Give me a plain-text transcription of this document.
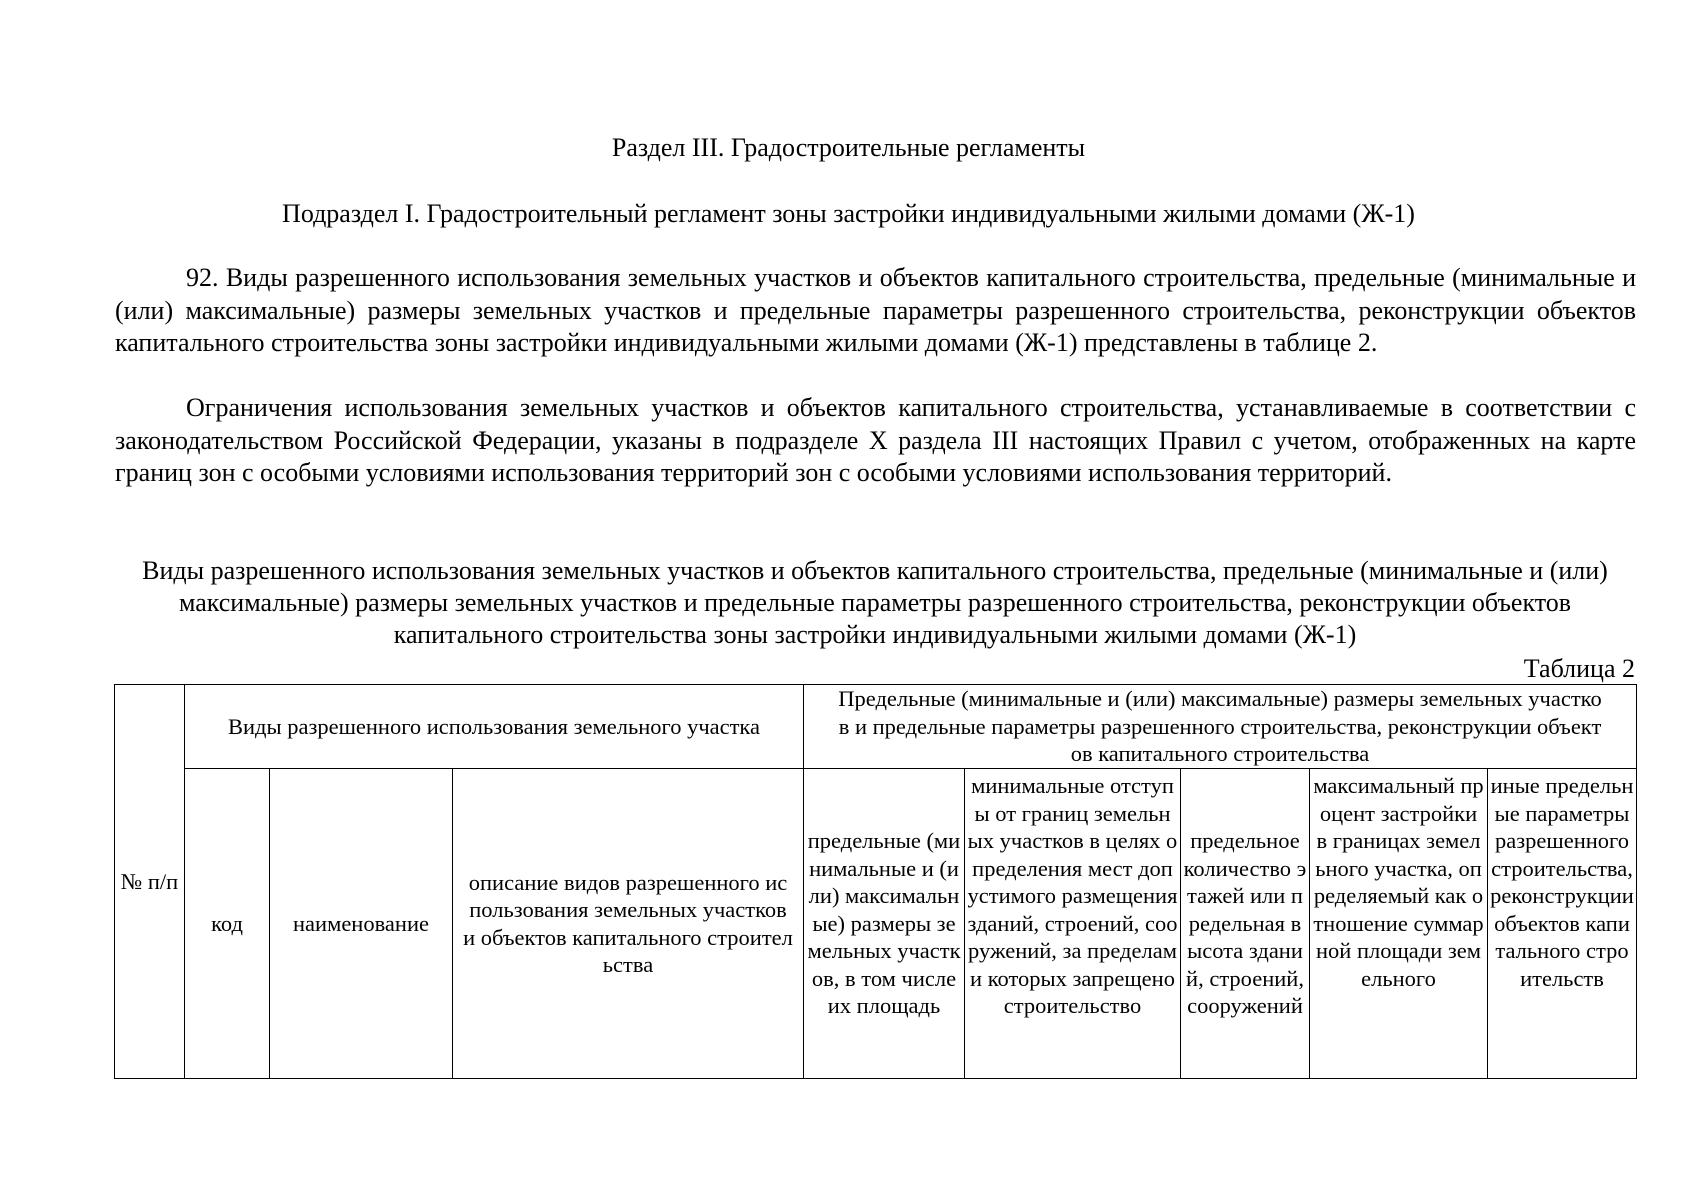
Раздел III. Градостроительные регламенты

Подраздел I. Градостроительный регламент зоны застройки индивидуальными жилыми домами (Ж-1)

92. Виды разрешенного использования земельных участков и объектов капитального строительства, предельные (минимальные и (или) максимальные) размеры земельных участков и предельные параметры разрешенного строительства, реконструкции объектов капитального строительства зоны застройки индивидуальными жилыми домами (Ж-1) представлены в таблице 2.

Ограничения использования земельных участков и объектов капитального строительства, устанавливаемые в соответствии с законодательством Российской Федерации, указаны в подразделе X раздела III настоящих Правил с учетом, отображенных на карте границ зон с особыми условиями использования территорий зон с особыми условиями использования территорий.

Виды разрешенного использования земельных участков и объектов капитального строительства, предельные (минимальные и (или) максимальные) размеры земельных участков и предельные параметры разрешенного строительства, реконструкции объектов капитального строительства зоны застройки индивидуальными жилыми домами (Ж-1)

Таблица 2
№ п/п	Виды разрешенного использования земельного участка			Предельные (минимальные и (или) максимальные) размеры земельных участков и предельные параметры разрешенного строительства, реконструкции объектов капитального строительства				
	код	наименование	описание видов разрешенного использования земельных участков и объектов капитального строительства	предельные (минимальные и (или) максимальные) размеры земельных участков, в том числе их площадь	минимальные отступы от границ земельных участков в целях определения мест допустимого размещения зданий, строений, сооружений, за пределами которых запрещено строительство	предельное количество этажей или предельная высота зданий, строений, сооружений	максимальный процент застройки в границах земельного участка, определяемый как отношение суммарной площади земельного	иные предельные параметры разрешенного строительства, реконструкции объектов капитального строительств
